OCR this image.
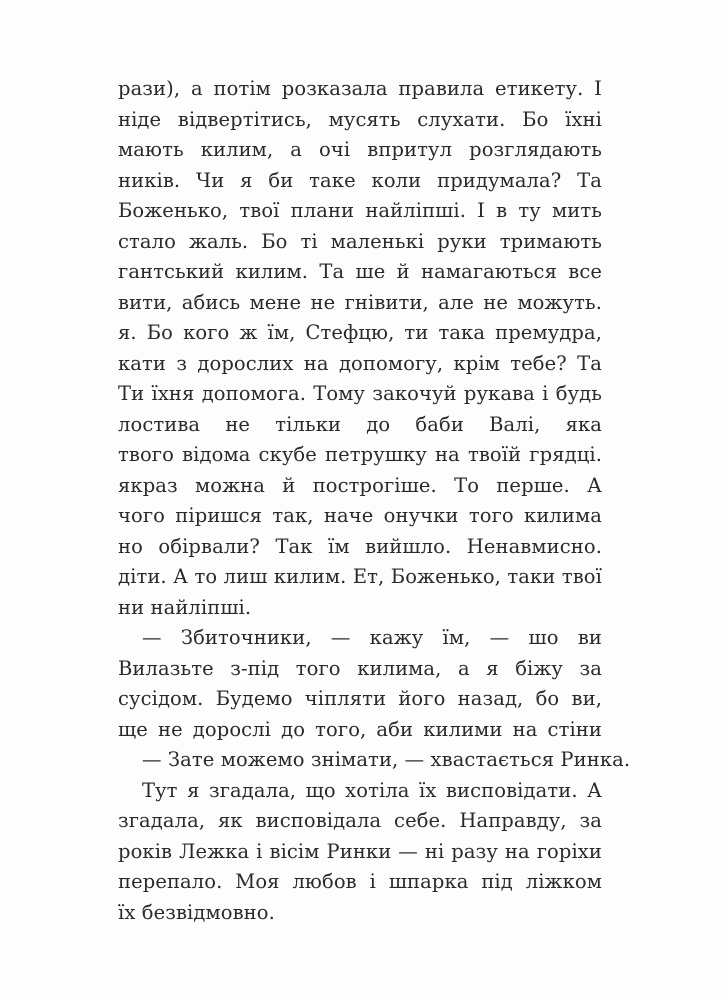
рази), а потім розказала правила етикету. І
ніде відвертітись, мусять слухати. Бо їхні
мають килим, а очі впритул розглядають
ників. Чи я би таке коли придумала? Та
Боженько, твої плани найліпші. І в ту мить
стало жаль. Бо ті маленькі руки тримають
гантський килим. Та ше й намагаються все
вити, абись мене не гнівити, але не можуть.
я. Бо кого ж їм, Стефцю, ти така премудра,
кати з дорослих на допомогу, крім тебе? Та
Ти їхня допомога. Тому закочуй рукава і будь
лостива не тільки до баби Валі, яка
твого відома скубе петрушку на твоїй грядці.
якраз можна й построгіше. То перше. А
чого піришся так, наче онучки того килима
но обірвали? Так їм вийшло. Ненавмисно.
діти. А то лиш килим. Ет, Боженько, таки твої
ни найліпші.
— Збиточники, — кажу їм, — шо ви
Вилазьте з-під того килима, а я біжу за
сусідом. Будемо чіпляти його назад, бо ви,
ще не дорослі до того, аби килими на стіни
— Зате можемо знімати, — хвастається Ринка.
Тут я згадала, що хотіла їх висповідати. А
згадала, як висповідала себе. Направду, за
років Лежка і вісім Ринки — ні разу на горіхи
перепало. Моя любов і шпарка під ліжком
їх безвідмовно.
